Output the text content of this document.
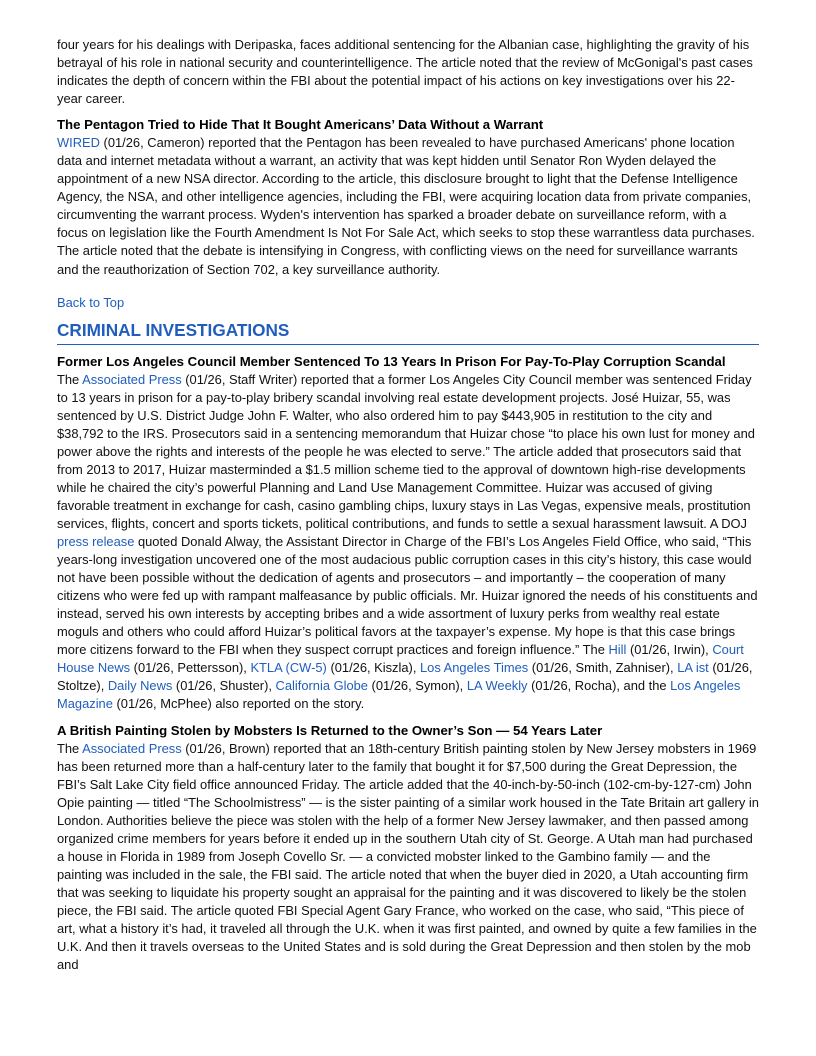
four years for his dealings with Deripaska, faces additional sentencing for the Albanian case, highlighting the gravity of his betrayal of his role in national security and counterintelligence. The article noted that the review of McGonigal's past cases indicates the depth of concern within the FBI about the potential impact of his actions on key investigations over his 22-year career.

The Pentagon Tried to Hide That It Bought Americans’ Data Without a Warrant

WIRED (01/26, Cameron) reported that the Pentagon has been revealed to have purchased Americans' phone location data and internet metadata without a warrant, an activity that was kept hidden until Senator Ron Wyden delayed the appointment of a new NSA director. According to the article, this disclosure brought to light that the Defense Intelligence Agency, the NSA, and other intelligence agencies, including the FBI, were acquiring location data from private companies, circumventing the warrant process. Wyden's intervention has sparked a broader debate on surveillance reform, with a focus on legislation like the Fourth Amendment Is Not For Sale Act, which seeks to stop these warrantless data purchases. The article noted that the debate is intensifying in Congress, with conflicting views on the need for surveillance warrants and the reauthorization of Section 702, a key surveillance authority.

Back to Top

CRIMINAL INVESTIGATIONS

Former Los Angeles Council Member Sentenced To 13 Years In Prison For Pay-To-Play Corruption Scandal

The Associated Press (01/26, Staff Writer) reported that a former Los Angeles City Council member was sentenced Friday to 13 years in prison for a pay-to-play bribery scandal involving real estate development projects. José Huizar, 55, was sentenced by U.S. District Judge John F. Walter, who also ordered him to pay $443,905 in restitution to the city and $38,792 to the IRS. Prosecutors said in a sentencing memorandum that Huizar chose “to place his own lust for money and power above the rights and interests of the people he was elected to serve.” The article added that prosecutors said that from 2013 to 2017, Huizar masterminded a $1.5 million scheme tied to the approval of downtown high-rise developments while he chaired the city’s powerful Planning and Land Use Management Committee. Huizar was accused of giving favorable treatment in exchange for cash, casino gambling chips, luxury stays in Las Vegas, expensive meals, prostitution services, flights, concert and sports tickets, political contributions, and funds to settle a sexual harassment lawsuit. A DOJ press release quoted Donald Alway, the Assistant Director in Charge of the FBI’s Los Angeles Field Office, who said, “This years-long investigation uncovered one of the most audacious public corruption cases in this city’s history, this case would not have been possible without the dedication of agents and prosecutors – and importantly – the cooperation of many citizens who were fed up with rampant malfeasance by public officials. Mr. Huizar ignored the needs of his constituents and instead, served his own interests by accepting bribes and a wide assortment of luxury perks from wealthy real estate moguls and others who could afford Huizar’s political favors at the taxpayer’s expense. My hope is that this case brings more citizens forward to the FBI when they suspect corrupt practices and foreign influence.” The Hill (01/26, Irwin), Court House News (01/26, Pettersson), KTLA (CW-5) (01/26, Kiszla), Los Angeles Times (01/26, Smith, Zahniser), LA ist (01/26, Stoltze), Daily News (01/26, Shuster), California Globe (01/26, Symon), LA Weekly (01/26, Rocha), and the Los Angeles Magazine (01/26, McPhee) also reported on the story.

A British Painting Stolen by Mobsters Is Returned to the Owner’s Son — 54 Years Later

The Associated Press (01/26, Brown) reported that an 18th-century British painting stolen by New Jersey mobsters in 1969 has been returned more than a half-century later to the family that bought it for $7,500 during the Great Depression, the FBI’s Salt Lake City field office announced Friday. The article added that the 40-inch-by-50-inch (102-cm-by-127-cm) John Opie painting — titled “The Schoolmistress” — is the sister painting of a similar work housed in the Tate Britain art gallery in London. Authorities believe the piece was stolen with the help of a former New Jersey lawmaker, and then passed among organized crime members for years before it ended up in the southern Utah city of St. George. A Utah man had purchased a house in Florida in 1989 from Joseph Covello Sr. — a convicted mobster linked to the Gambino family — and the painting was included in the sale, the FBI said. The article noted that when the buyer died in 2020, a Utah accounting firm that was seeking to liquidate his property sought an appraisal for the painting and it was discovered to likely be the stolen piece, the FBI said. The article quoted FBI Special Agent Gary France, who worked on the case, who said, “This piece of art, what a history it’s had, it traveled all through the U.K. when it was first painted, and owned by quite a few families in the U.K. And then it travels overseas to the United States and is sold during the Great Depression and then stolen by the mob and
